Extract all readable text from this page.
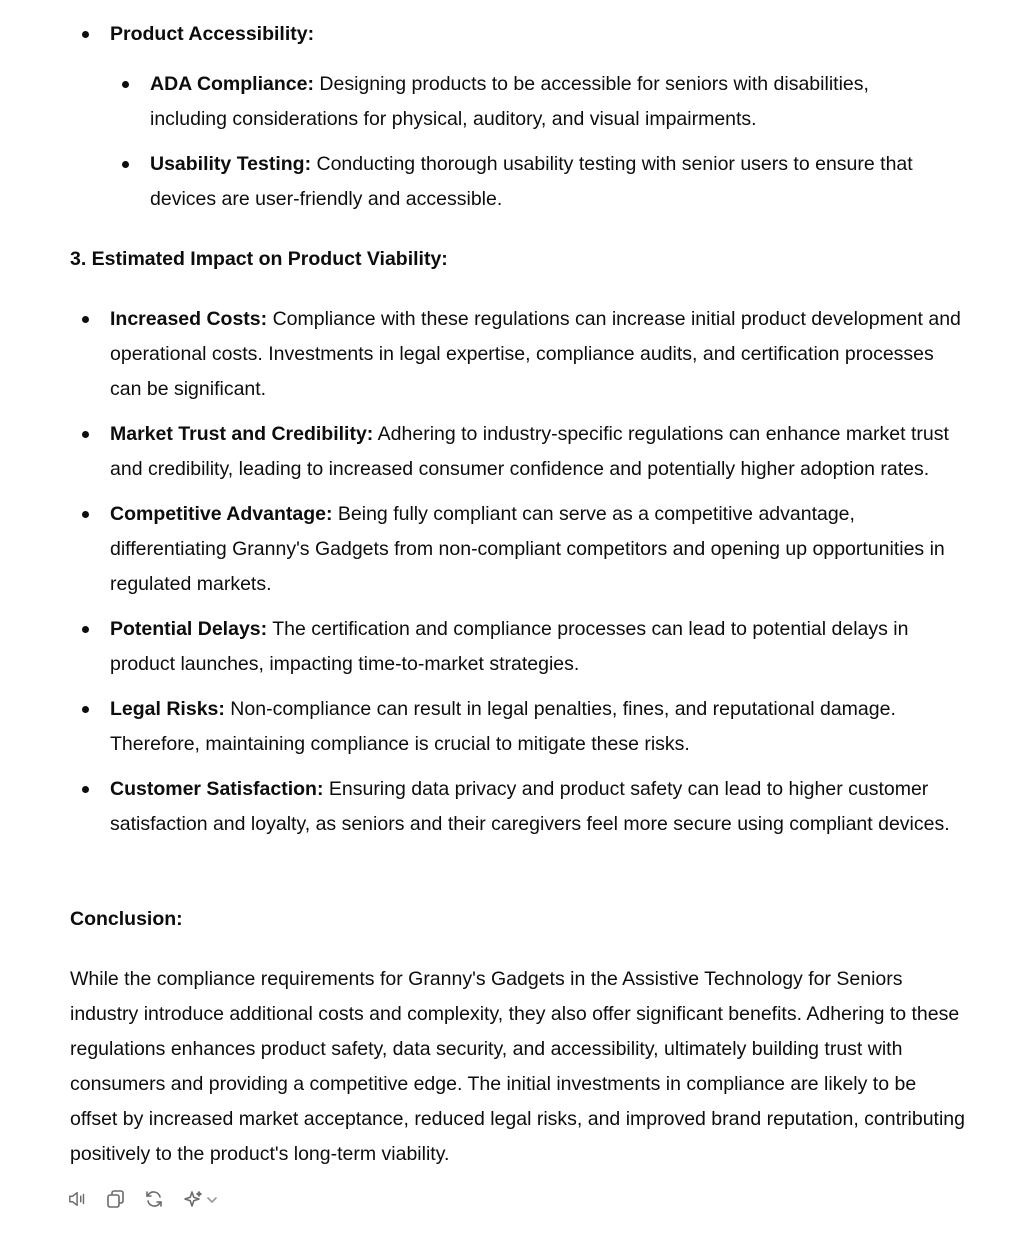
Product Accessibility:
ADA Compliance: Designing products to be accessible for seniors with disabilities, including considerations for physical, auditory, and visual impairments.
Usability Testing: Conducting thorough usability testing with senior users to ensure that devices are user-friendly and accessible.

3. Estimated Impact on Product Viability:

Increased Costs: Compliance with these regulations can increase initial product development and operational costs. Investments in legal expertise, compliance audits, and certification processes can be significant.
Market Trust and Credibility: Adhering to industry-specific regulations can enhance market trust and credibility, leading to increased consumer confidence and potentially higher adoption rates.
Competitive Advantage: Being fully compliant can serve as a competitive advantage, differentiating Granny's Gadgets from non-compliant competitors and opening up opportunities in regulated markets.
Potential Delays: The certification and compliance processes can lead to potential delays in product launches, impacting time-to-market strategies.
Legal Risks: Non-compliance can result in legal penalties, fines, and reputational damage. Therefore, maintaining compliance is crucial to mitigate these risks.
Customer Satisfaction: Ensuring data privacy and product safety can lead to higher customer satisfaction and loyalty, as seniors and their caregivers feel more secure using compliant devices.

Conclusion:

While the compliance requirements for Granny's Gadgets in the Assistive Technology for Seniors industry introduce additional costs and complexity, they also offer significant benefits. Adhering to these regulations enhances product safety, data security, and accessibility, ultimately building trust with consumers and providing a competitive edge. The initial investments in compliance are likely to be offset by increased market acceptance, reduced legal risks, and improved brand reputation, contributing positively to the product's long-term viability.
